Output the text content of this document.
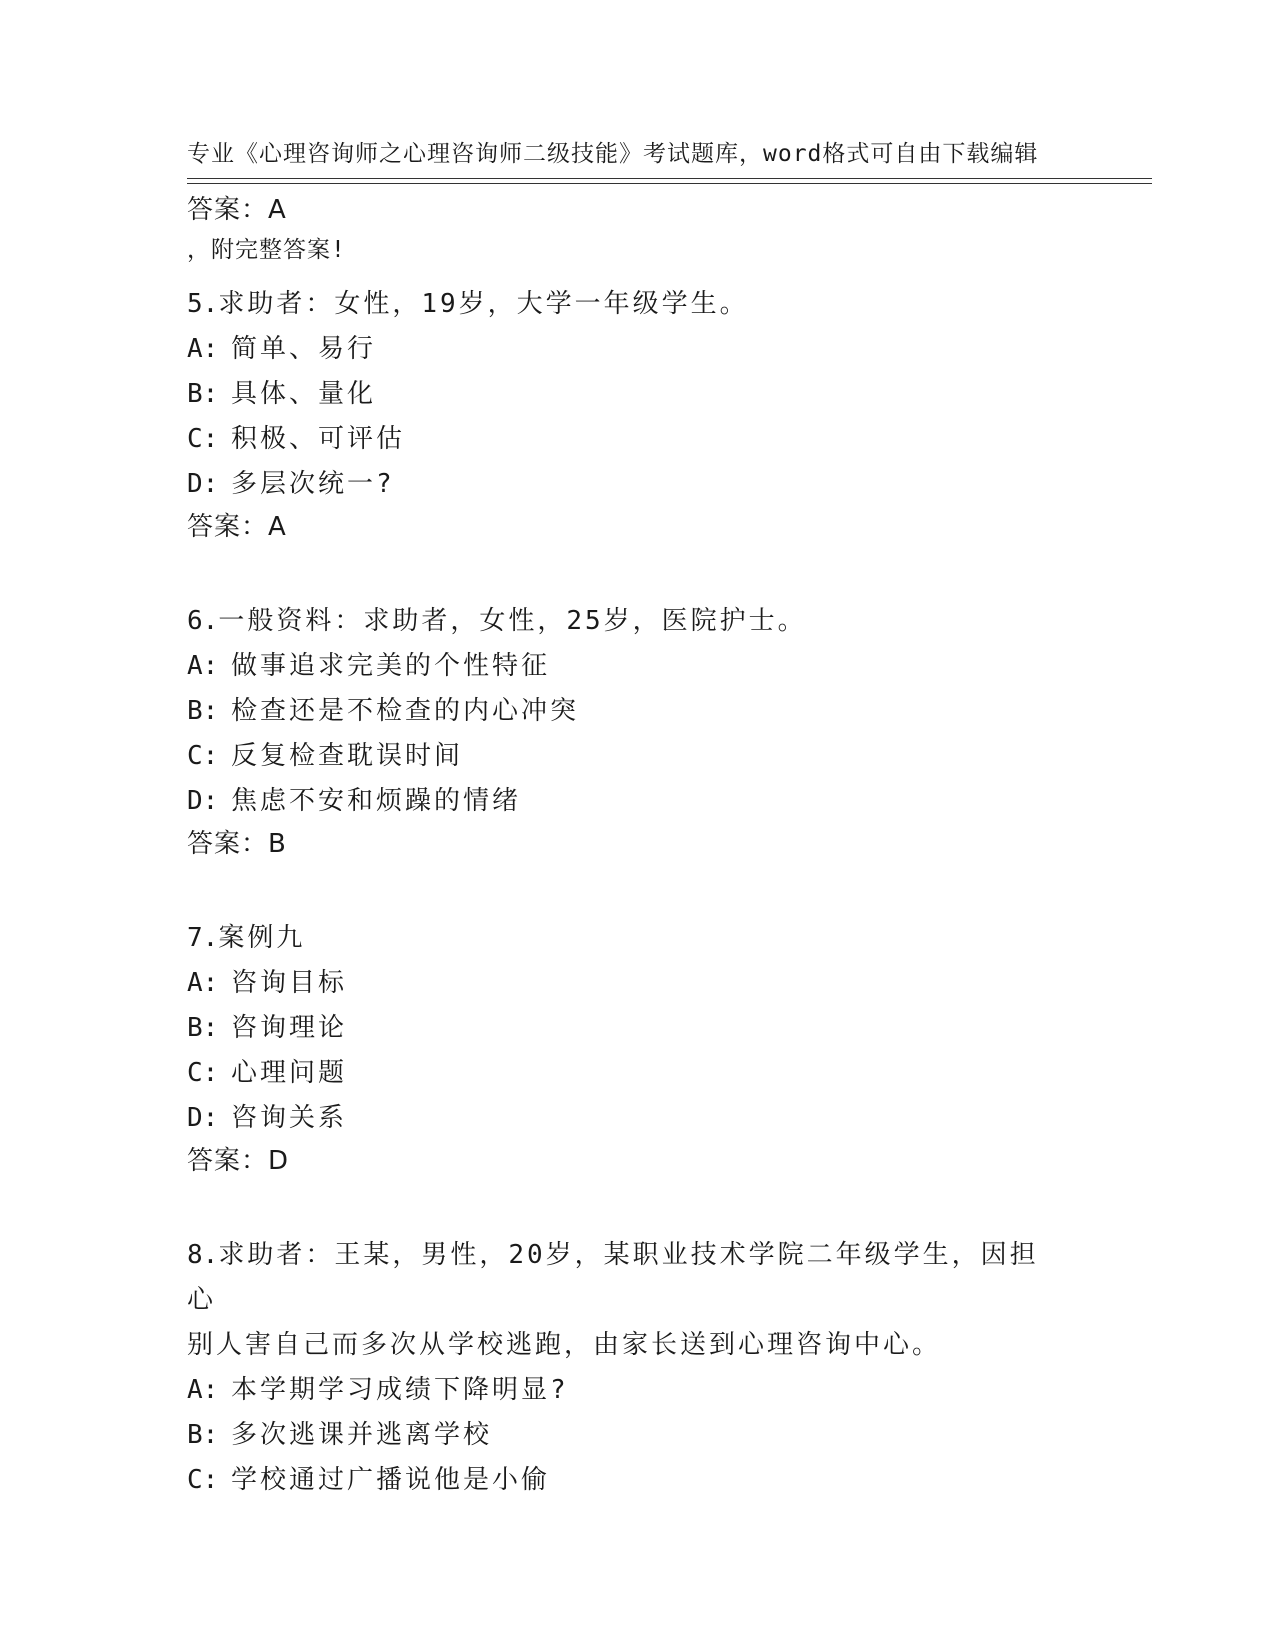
专业《心理咨询师之心理咨询师二级技能》考试题库，word格式可自由下载编辑

，附完整答案!

答案：A
5.求助者：女性，19岁，大学一年级学生。
A: 简单、易行
B: 具体、量化
C: 积极、可评估
D: 多层次统一?
答案：A
6.一般资料：求助者，女性，25岁，医院护士。
A: 做事追求完美的个性特征
B: 检查还是不检查的内心冲突
C: 反复检查耽误时间
D: 焦虑不安和烦躁的情绪
答案：B
7.案例九
A: 咨询目标
B: 咨询理论
C: 心理问题
D: 咨询关系
答案：D
8.求助者：王某，男性，20岁，某职业技术学院二年级学生，因担心
别人害自己而多次从学校逃跑，由家长送到心理咨询中心。
A: 本学期学习成绩下降明显?
B: 多次逃课并逃离学校
C: 学校通过广播说他是小偷
